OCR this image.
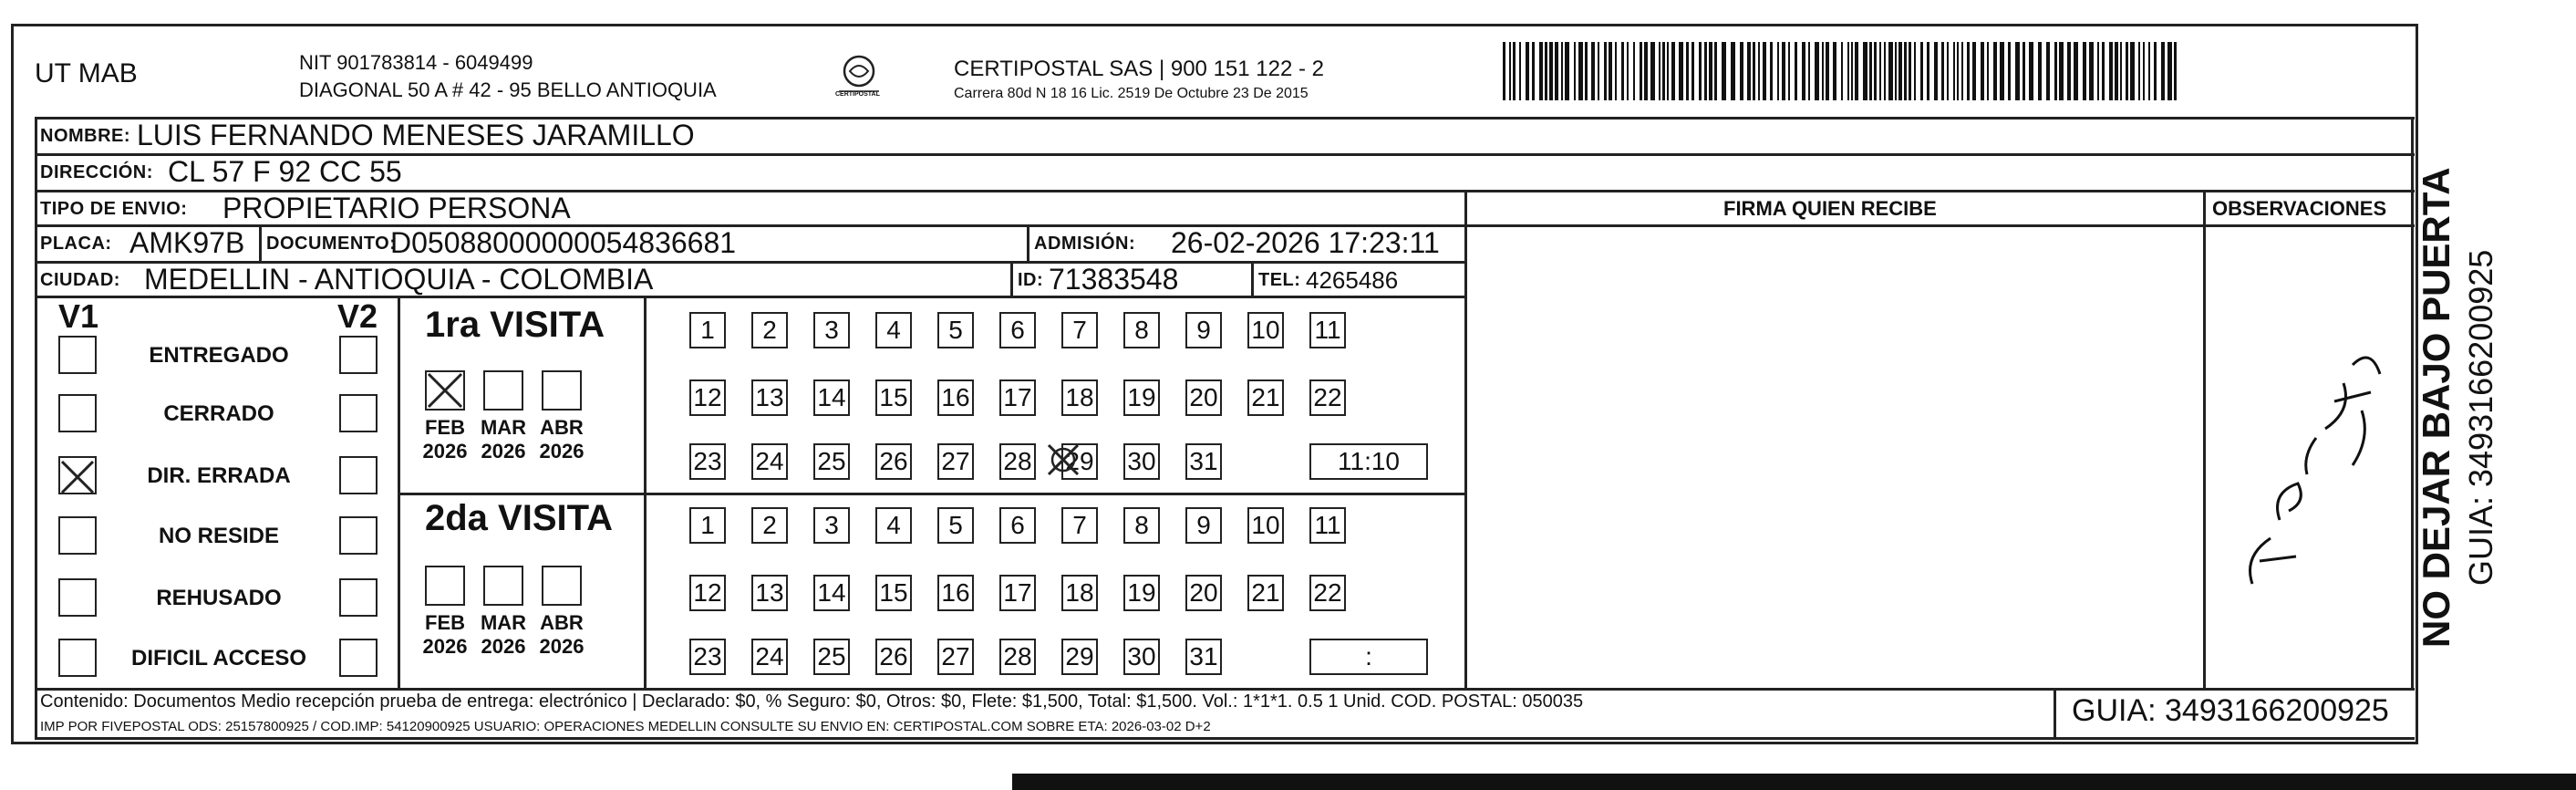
UT MAB	NIT 901783814 - 6049499
DIAGONAL 50 A # 42 - 95 BELLO ANTIOQUIA	CERTIPOSTAL
CERTIPOSTAL SAS | 900 151 122 - 2
Carrera 80d N 18 16 Lic. 2519 De Octubre 23 De 2015
NOMBRE: LUIS FERNANDO MENESES JARAMILLO
DIRECCIÓN: CL 57 F 92 CC 55
TIPO DE ENVIO: PROPIETARIO PERSONA	FIRMA QUIEN RECIBE	OBSERVACIONES
PLACA: AMK97B DOCUMENTO:
D05088000000054836681	ADMISIÓN: 26-02-2026 17:23:11
CIUDAD: MEDELLIN - ANTIOQUIA - COLOMBIA	ID: 71383548	TEL: 4265486
V1	V2
ENTREGADO
CERRADO
DIR. ERRADA
NO RESIDE
REHUSADO
DIFICIL ACCESO
1ra VISITA
2da VISITA
FEB
2026
MAR
2026
ABR
2026
FEB
2026
MAR
2026
ABR
2026
1	2	3	4	5	6	7	8	9	10 11
12 13 14 15 16 17 18 19 20 21 22
23 24 25 26 27 28 29 30 31	11:10
1	2	3	4	5	6	7	8	9	10 11
12 13 14 15 16 17 18 19 20 21 22
23 24 25 26 27 28 29 30 31	:
Contenido: Documentos Medio recepción prueba de entrega: electrónico | Declarado: $0, % Seguro: $0, Otros: $0, Flete: $1,500, Total: $1,500. Vol.: 1*1*1. 0.5 1 Unid. COD. POSTAL: 050035
IMP POR FIVEPOSTAL ODS: 25157800925 / COD.IMP: 54120900925 USUARIO: OPERACIONES MEDELLIN CONSULTE SU ENVIO EN: CERTIPOSTAL.COM SOBRE ETA: 2026-03-02 D+2	GUIA: 3493166200925
NO DEJAR BAJO PUERTA GUIA: 3493166200925
